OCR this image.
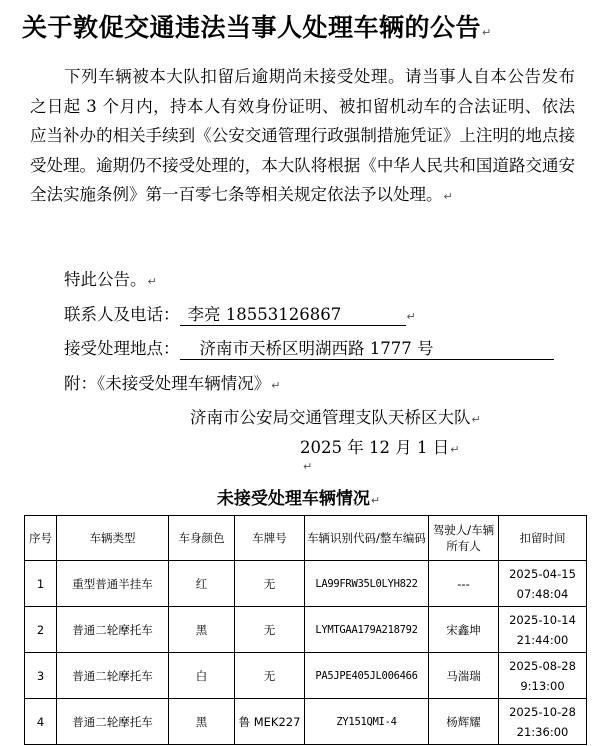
关于敦促交通违法当事人处理车辆的公告↵
下列车辆被本大队扣留后逾期尚未接受处理。请当事人自本公告发布之日起 3 个月内，持本人有效身份证明、被扣留机动车的合法证明、依法应当补办的相关手续到《公安交通管理行政强制措施凭证》上注明的地点接受处理。逾期仍不接受处理的，本大队将根据《中华人民共和国道路交通安全法实施条例》第一百零七条等相关规定依法予以处理。↵
特此公告。↵
联系人及电话： 李亮 18553126867	↵
接受处理地点： 济南市天桥区明湖西路 1777 号
附：《未接受处理车辆情况》↵
济南市公安局交通管理支队天桥区大队↵
2025 年 12 月 1 日↵
↵
未接受处理车辆情况↵
序号	车辆类型	车身颜色	车牌号	车辆识别代码/整车编码	驾驶人/车辆所有人	扣留时间
1	重型普通半挂车	红	无	LA99FRW35L0LYH822	---	2025-04-15
07:48:04

2	普通二轮摩托车	黑	无	LYMTGAA179A218792	宋鑫坤	2025-10-14
21:44:00

3	普通二轮摩托车	白	无	PA5JPE405JL006466	马湍瑞	2025-08-28
9:13:00

4	普通二轮摩托车	黑	鲁 MEK227	ZY151QMI-4	杨辉耀	2025-10-28
21:36:00
